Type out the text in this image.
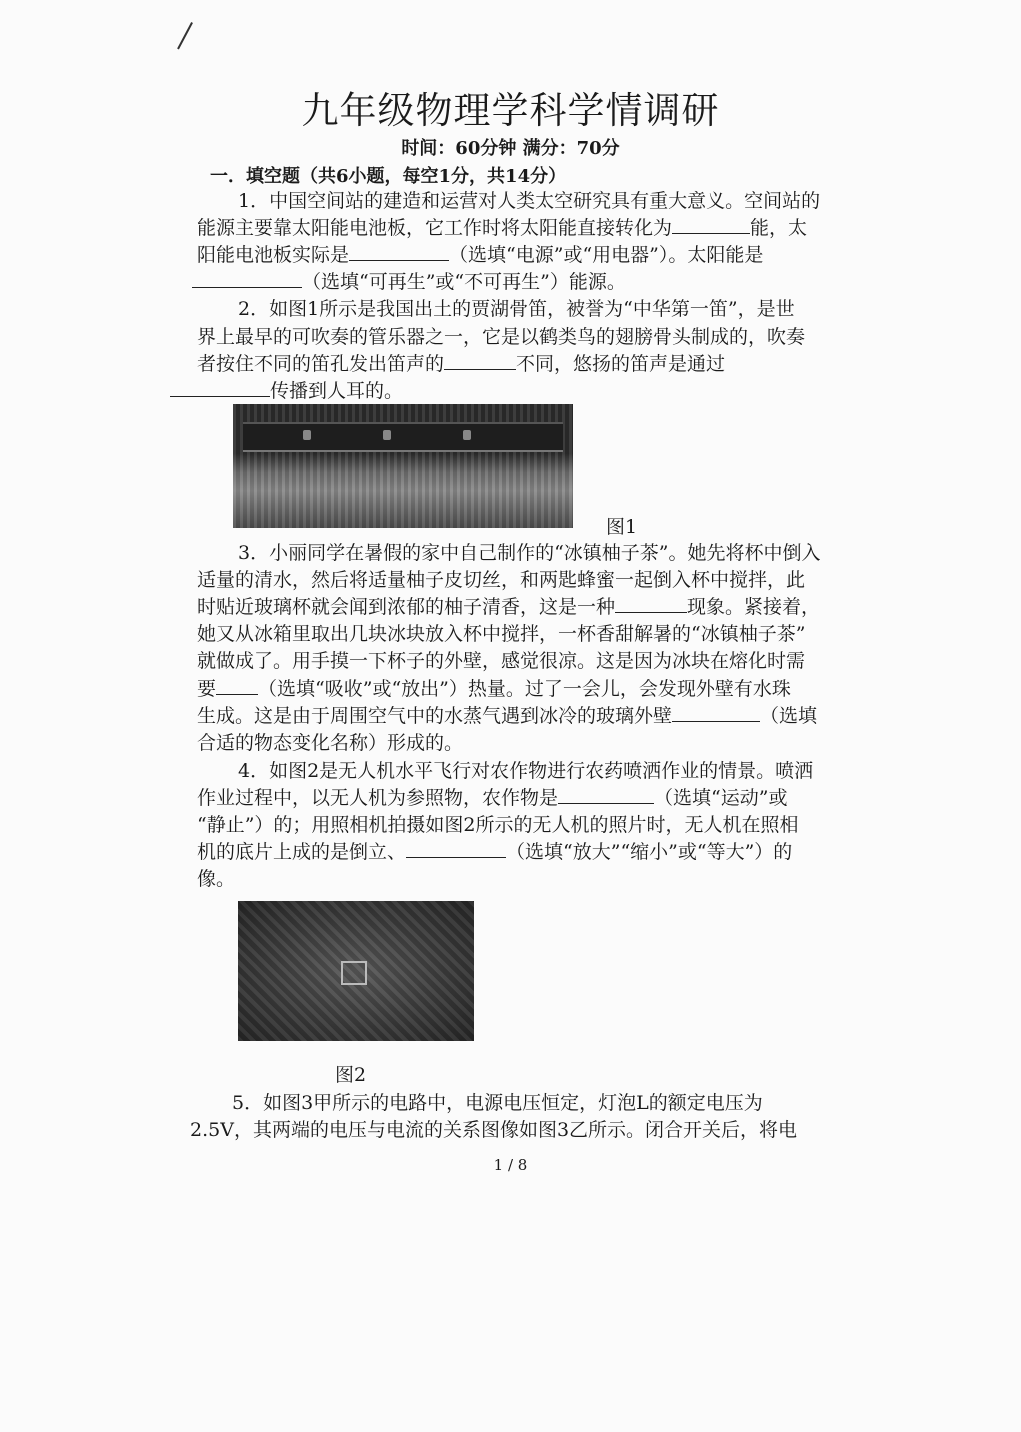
九年级物理学科学情调研
时间：60分钟 满分：70分
一．填空题（共6小题，每空1分，共14分）
1．中国空间站的建造和运营对人类太空研究具有重大意义。空间站的
能源主要靠太阳能电池板，它工作时将太阳能直接转化为	能，太
阳能电池板实际是	（选填“电源”或“用电器”）。太阳能是
（选填“可再生”或“不可再生”）能源。
2．如图1所示是我国出土的贾湖骨笛，被誉为“中华第一笛”，是世
界上最早的可吹奏的管乐器之一，它是以鹤类鸟的翅膀骨头制成的，吹奏
者按住不同的笛孔发出笛声的	不同，悠扬的笛声是通过
传播到人耳的。
图1
3．小丽同学在暑假的家中自己制作的“冰镇柚子茶”。她先将杯中倒入
适量的清水，然后将适量柚子皮切丝，和两匙蜂蜜一起倒入杯中搅拌，此
时贴近玻璃杯就会闻到浓郁的柚子清香，这是一种	现象。紧接着，
她又从冰箱里取出几块冰块放入杯中搅拌，一杯香甜解暑的“冰镇柚子茶”
就做成了。用手摸一下杯子的外壁，感觉很凉。这是因为冰块在熔化时需
要 （选填“吸收”或“放出”）热量。过了一会儿，会发现外壁有水珠
生成。这是由于周围空气中的水蒸气遇到冰冷的玻璃外壁	（选填
合适的物态变化名称）形成的。
4．如图2是无人机水平飞行对农作物进行农药喷洒作业的情景。喷洒
作业过程中，以无人机为参照物，农作物是	（选填“运动”或
“静止”）的；用照相机拍摄如图2所示的无人机的照片时，无人机在照相
机的底片上成的是倒立、	（选填“放大”“缩小”或“等大”）的
像。
图2
5．如图3甲所示的电路中，电源电压恒定，灯泡L的额定电压为
2.5V，其两端的电压与电流的关系图像如图3乙所示。闭合开关后，将电
1 / 8
